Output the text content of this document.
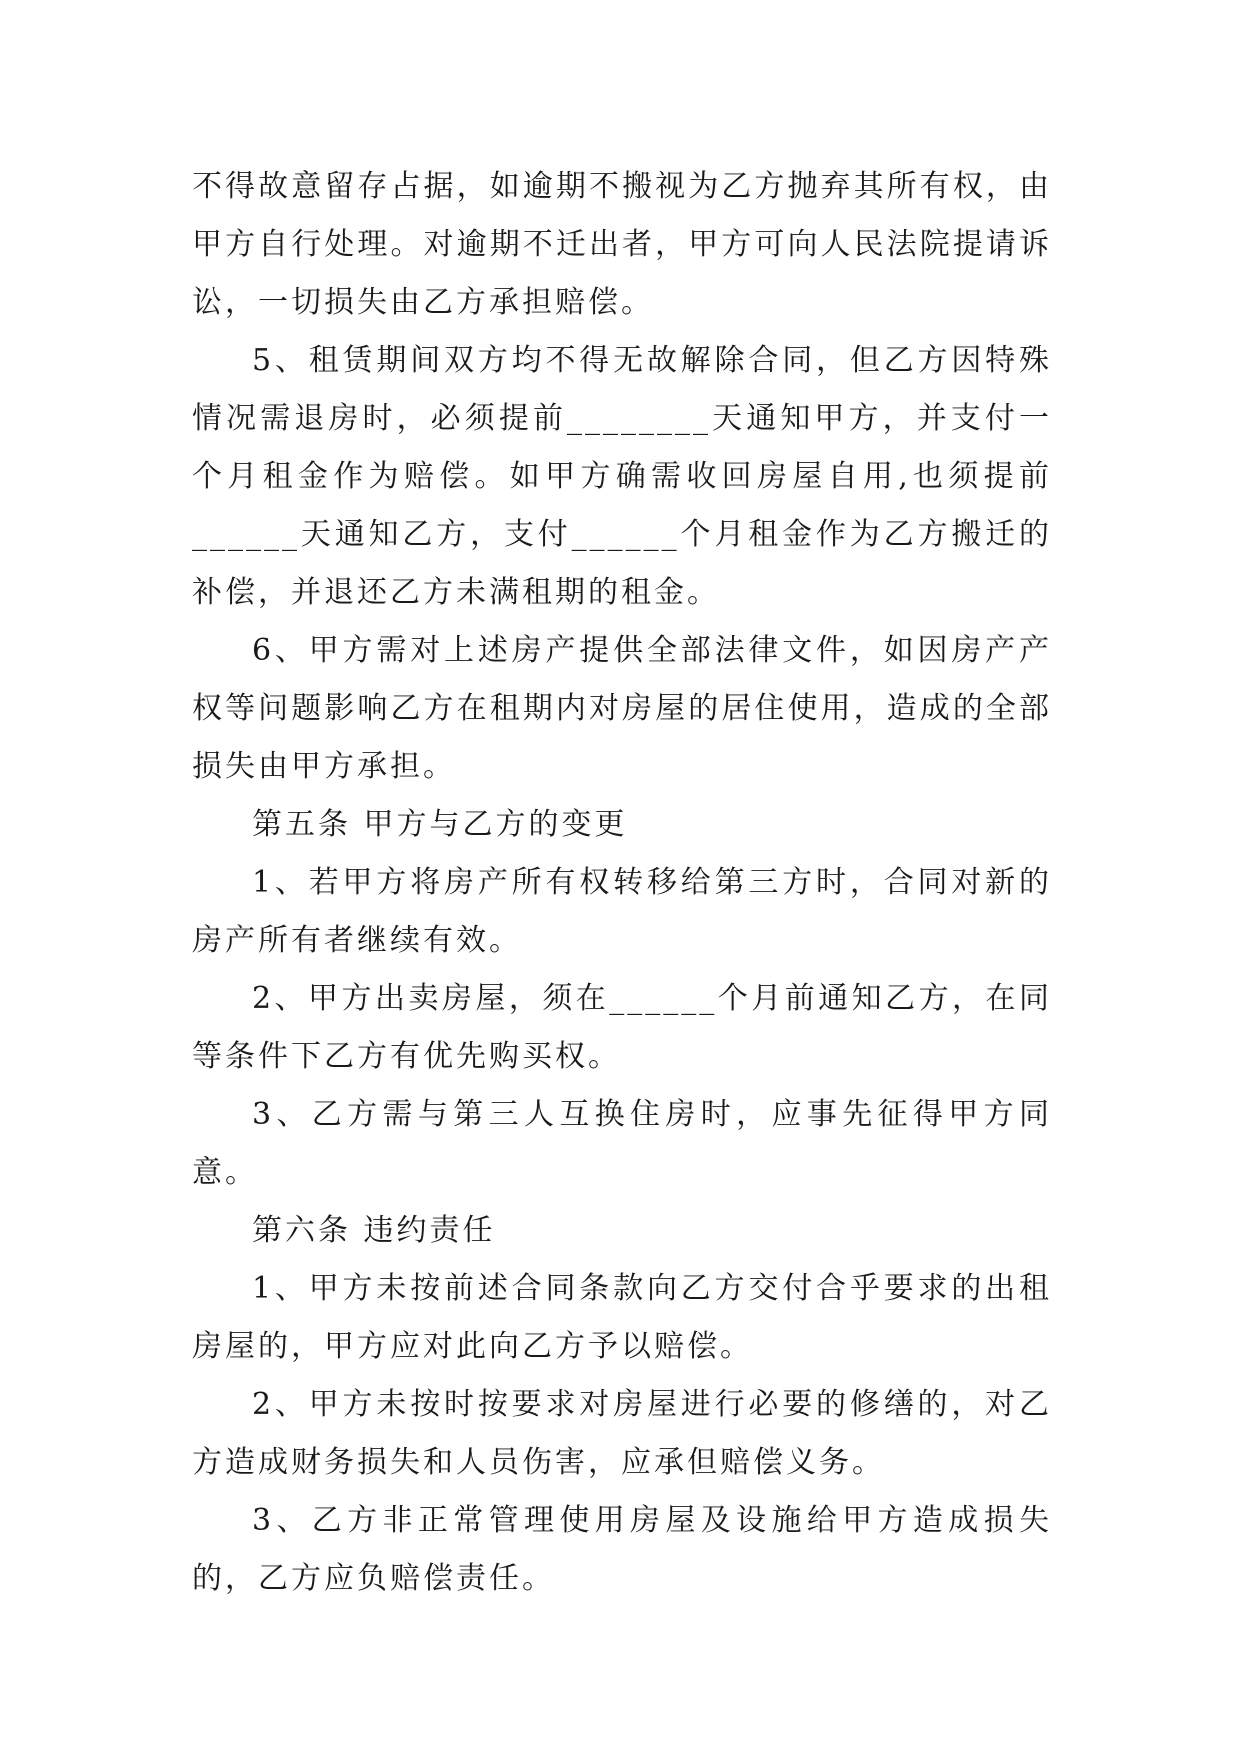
不得故意留存占据，如逾期不搬视为乙方抛弃其所有权，由甲方自行处理。对逾期不迁出者，甲方可向人民法院提请诉讼，一切损失由乙方承担赔偿。

5、租赁期间双方均不得无故解除合同，但乙方因特殊情况需退房时，必须提前________天通知甲方，并支付一个月租金作为赔偿。如甲方确需收回房屋自用,也须提前______天通知乙方，支付______个月租金作为乙方搬迁的补偿，并退还乙方未满租期的租金。

6、甲方需对上述房产提供全部法律文件，如因房产产权等问题影响乙方在租期内对房屋的居住使用，造成的全部损失由甲方承担。

第五条 甲方与乙方的变更

1、若甲方将房产所有权转移给第三方时，合同对新的房产所有者继续有效。

2、甲方出卖房屋，须在______个月前通知乙方，在同等条件下乙方有优先购买权。

3、乙方需与第三人互换住房时，应事先征得甲方同意。

第六条 违约责任

1、甲方未按前述合同条款向乙方交付合乎要求的出租房屋的，甲方应对此向乙方予以赔偿。

2、甲方未按时按要求对房屋进行必要的修缮的，对乙方造成财务损失和人员伤害，应承但赔偿义务。

3、乙方非正常管理使用房屋及设施给甲方造成损失的，乙方应负赔偿责任。
